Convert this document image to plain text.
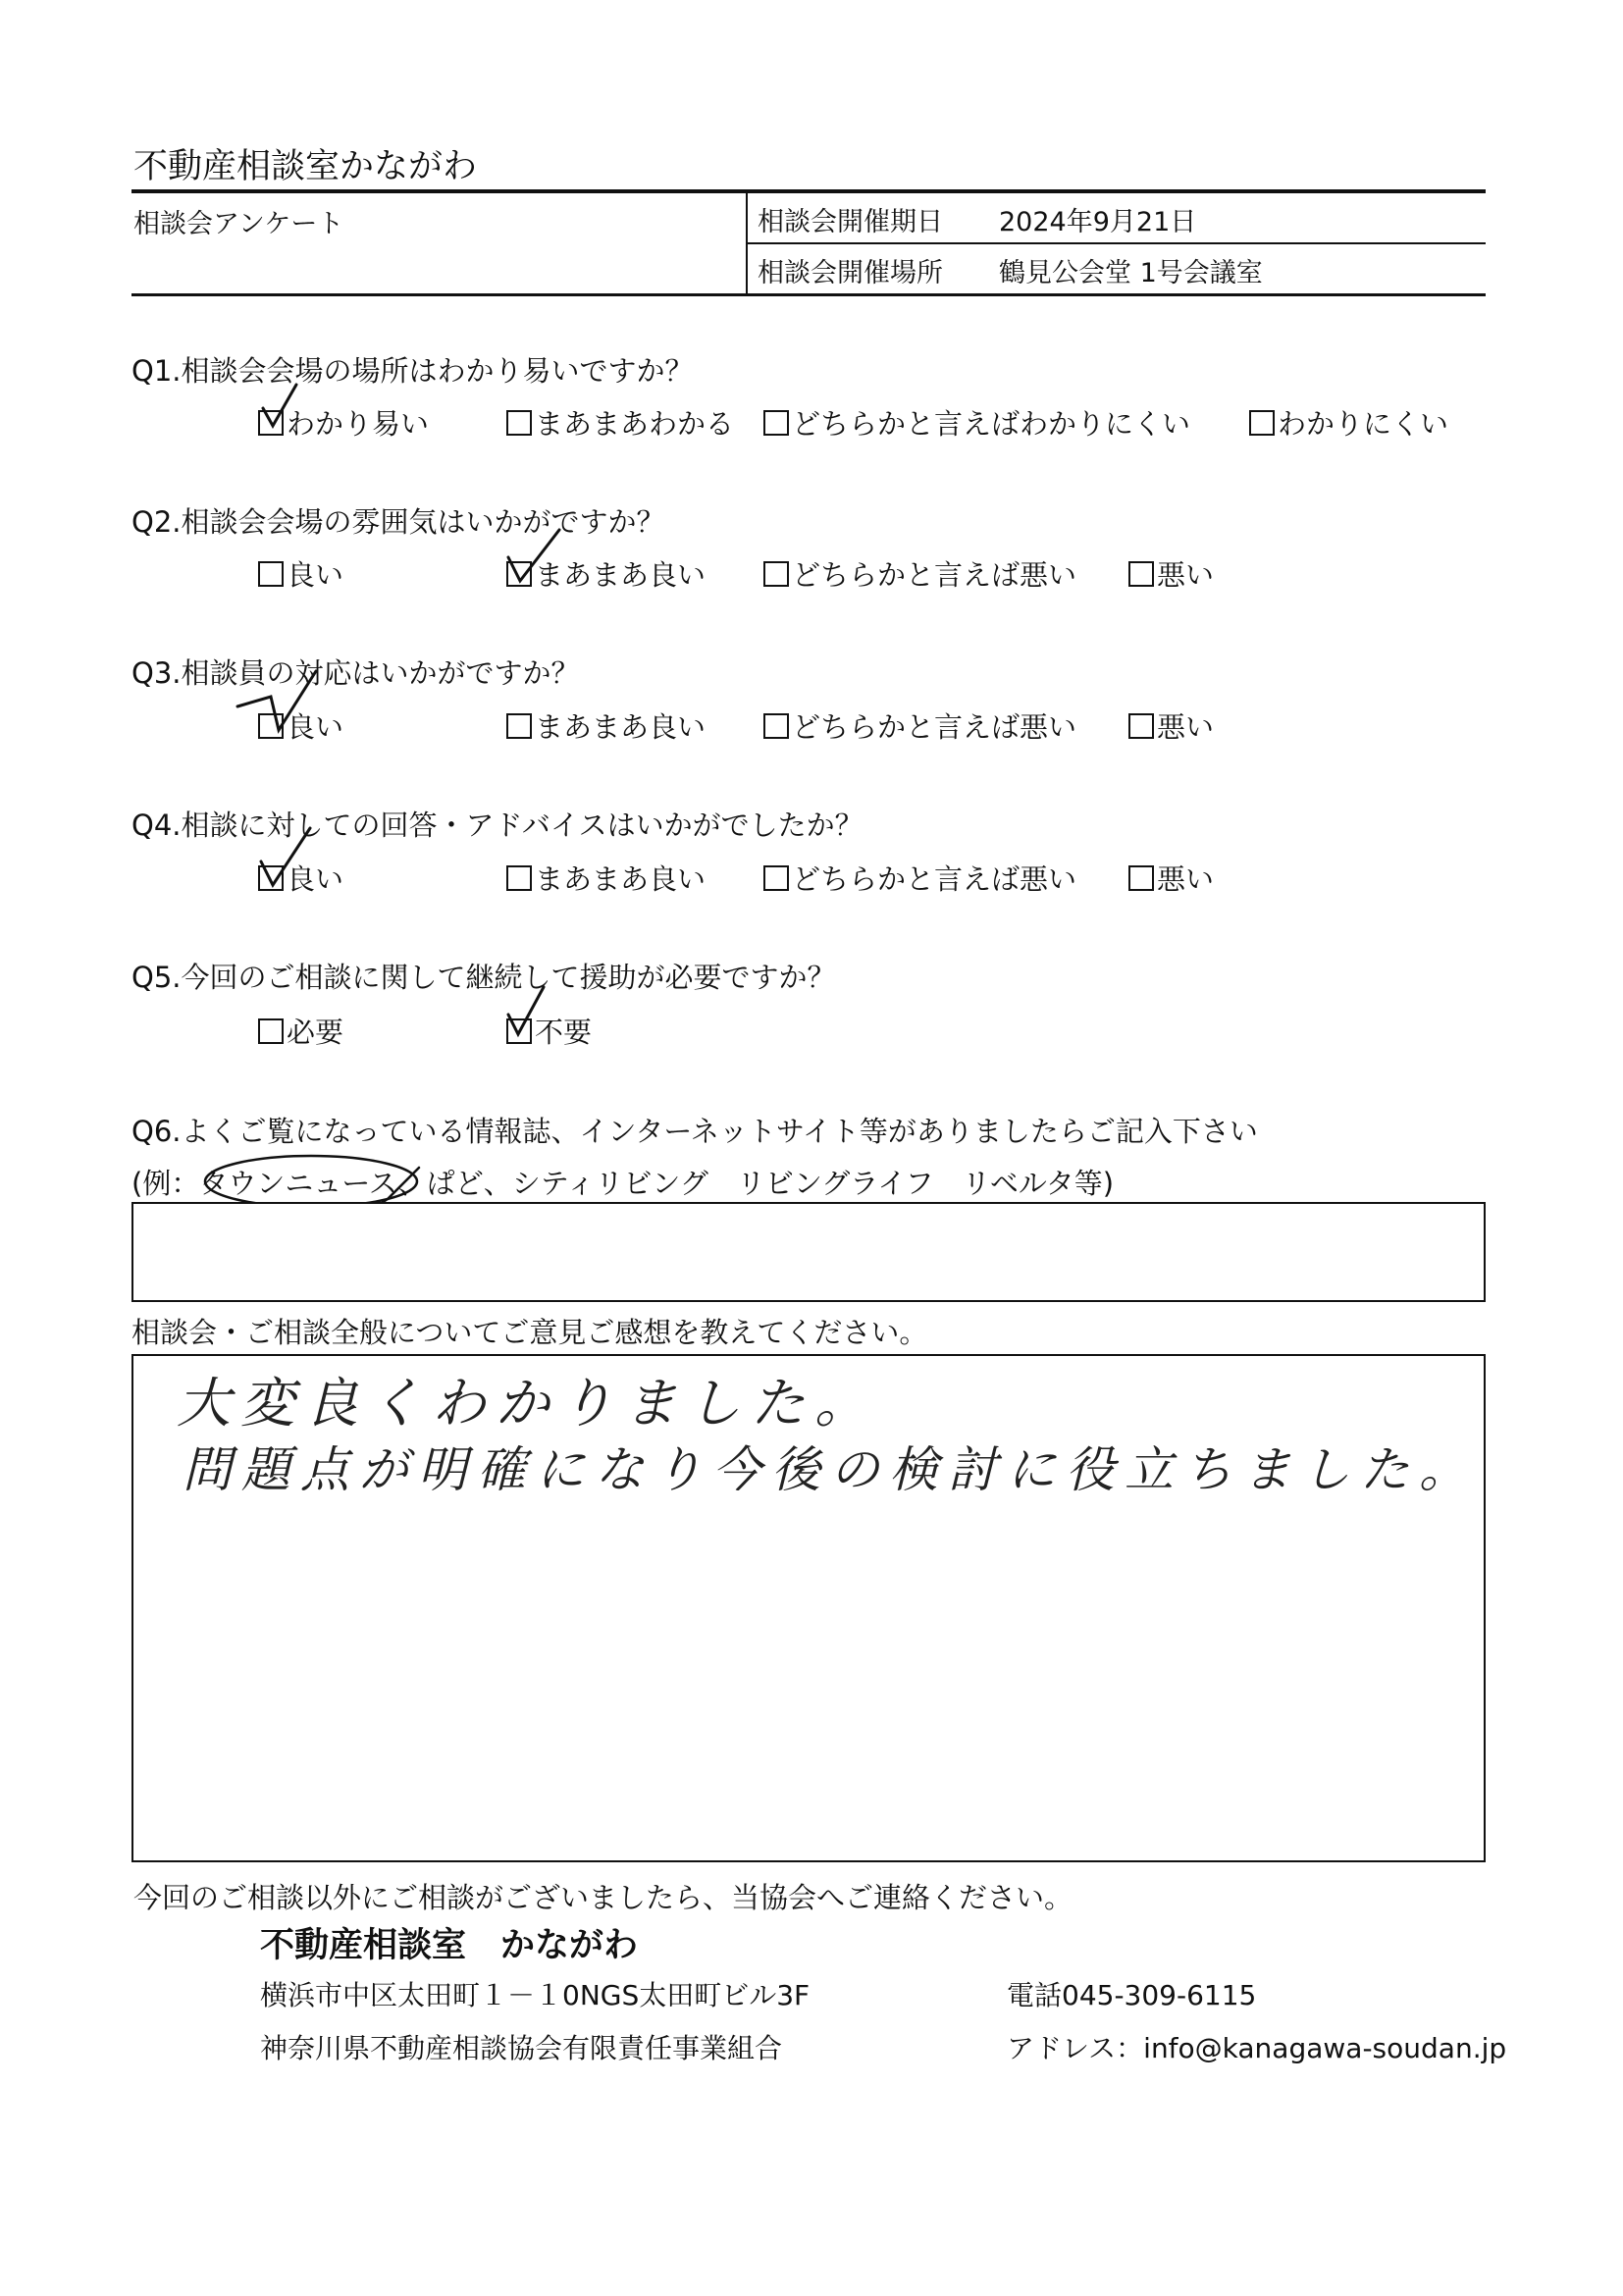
不動産相談室かながわ
相談会アンケート	相談会開催期日 2024年9月21日
相談会開催場所 鶴見公会堂 1号会議室
Q1.相談会会場の場所はわかり易いですか？
わかり易い	まあまあわかる	どちらかと言えばわかりにくい	わかりにくい
Q2.相談会会場の雰囲気はいかがですか？
良い	まあまあ良い	どちらかと言えば悪い	悪い
Q3.相談員の対応はいかがですか？
良い	まあまあ良い	どちらかと言えば悪い	悪い
Q4.相談に対しての回答・アドバイスはいかがでしたか？
良い	まあまあ良い	どちらかと言えば悪い	悪い
Q5.今回のご相談に関して継続して援助が必要ですか？
必要	不要
Q6.よくご覧になっている情報誌、インターネットサイト等がありましたらご記入下さい
(例：タウンニュース、ぱど、シティリビング　リビングライフ　リベルタ等)
相談会・ご相談全般についてご意見ご感想を教えてください。
大変良くわかりました。
問題点が明確になり今後の検討に役立ちました。
今回のご相談以外にご相談がございましたら、当協会へご連絡ください。
不動産相談室　かながわ
横浜市中区太田町１－１0NGS太田町ビル3F	電話045-309-6115
神奈川県不動産相談協会有限責任事業組合	アドレス：info@kanagawa-soudan.jp
